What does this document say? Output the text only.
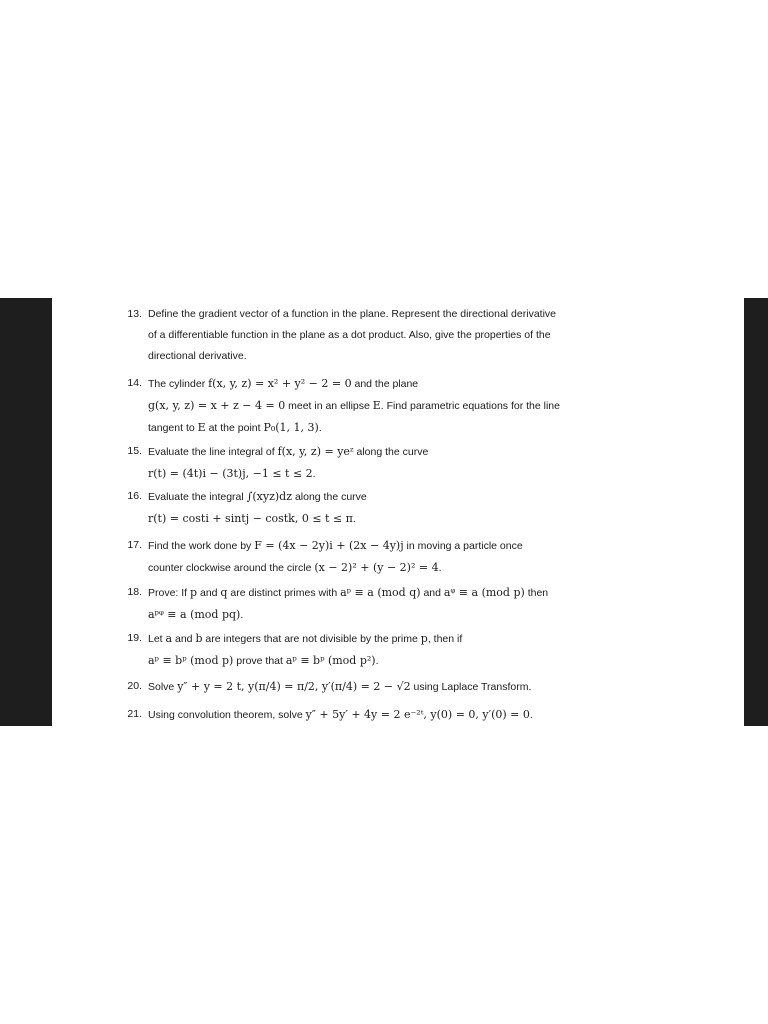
13. Define the gradient vector of a function in the plane. Represent the directional derivative
of a differentiable function in the plane as a dot product. Also, give the properties of the
directional derivative.
14. The cylinder f(x, y, z) = x² + y² − 2 = 0 and the plane
g(x, y, z) = x + z − 4 = 0 meet in an ellipse E. Find parametric equations for the line
tangent to E at the point P₀(1, 1, 3).
15. Evaluate the line integral of f(x, y, z) = yeᶻ along the curve
r(t) = (4t)i − (3t)j, −1 ≤ t ≤ 2.
16. Evaluate the integral ∫(xyz)dz along the curve
r(t) = costi + sintj − costk, 0 ≤ t ≤ π.
17. Find the work done by F = (4x − 2y)i + (2x − 4y)j in moving a particle once
counter clockwise around the circle (x − 2)² + (y − 2)² = 4.
18. Prove: If p and q are distinct primes with aᵖ ≡ a (mod q) and aᵠ ≡ a (mod p) then
aᵖᵠ ≡ a (mod pq).
19. Let a and b are integers that are not divisible by the prime p, then if
aᵖ ≡ bᵖ (mod p) prove that aᵖ ≡ bᵖ (mod p²).
20. Solve y″ + y = 2 t, y(π/4) = π/2, y′(π/4) = 2 − √2 using Laplace Transform.
21. Using convolution theorem, solve y″ + 5y′ + 4y = 2 e⁻²ᵗ, y(0) = 0, y′(0) = 0.
